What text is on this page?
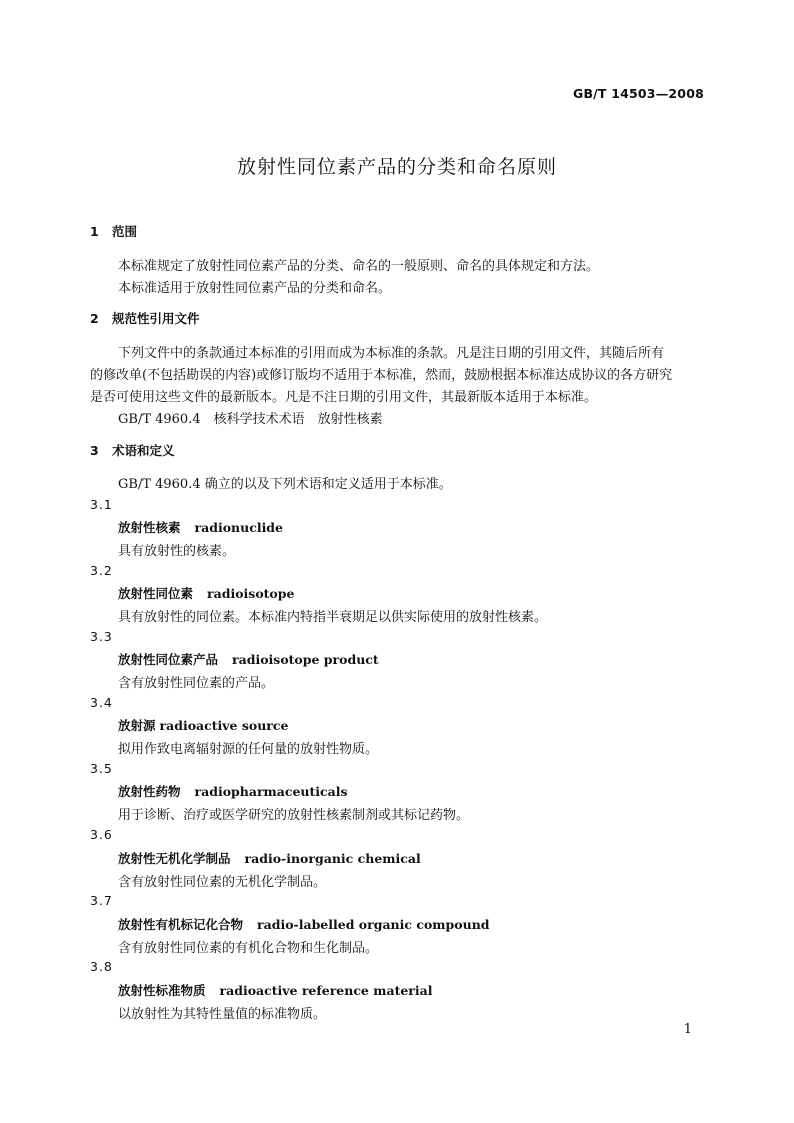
GB/T 14503—2008
放射性同位素产品的分类和命名原则
1 范围
本标准规定了放射性同位素产品的分类、命名的一般原则、命名的具体规定和方法。
本标准适用于放射性同位素产品的分类和命名。
2 规范性引用文件
下列文件中的条款通过本标准的引用而成为本标准的条款。凡是注日期的引用文件，其随后所有
的修改单(不包括勘误的内容)或修订版均不适用于本标准，然而，鼓励根据本标准达成协议的各方研究
是否可使用这些文件的最新版本。凡是不注日期的引用文件，其最新版本适用于本标准。
GB/T 4960.4　核科学技术术语　放射性核素
3 术语和定义
GB/T 4960.4 确立的以及下列术语和定义适用于本标准。
3.1
放射性核素 radionuclide
具有放射性的核素。
3.2
放射性同位素 radioisotope
具有放射性的同位素。本标准内特指半衰期足以供实际使用的放射性核素。
3.3
放射性同位素产品 radioisotope product
含有放射性同位素的产品。
3.4
放射源 radioactive source
拟用作致电离辐射源的任何量的放射性物质。
3.5
放射性药物 radiopharmaceuticals
用于诊断、治疗或医学研究的放射性核素制剂或其标记药物。
3.6
放射性无机化学制品 radio-inorganic chemical
含有放射性同位素的无机化学制品。
3.7
放射性有机标记化合物 radio-labelled organic compound
含有放射性同位素的有机化合物和生化制品。
3.8
放射性标准物质 radioactive reference material
以放射性为其特性量值的标准物质。
1
